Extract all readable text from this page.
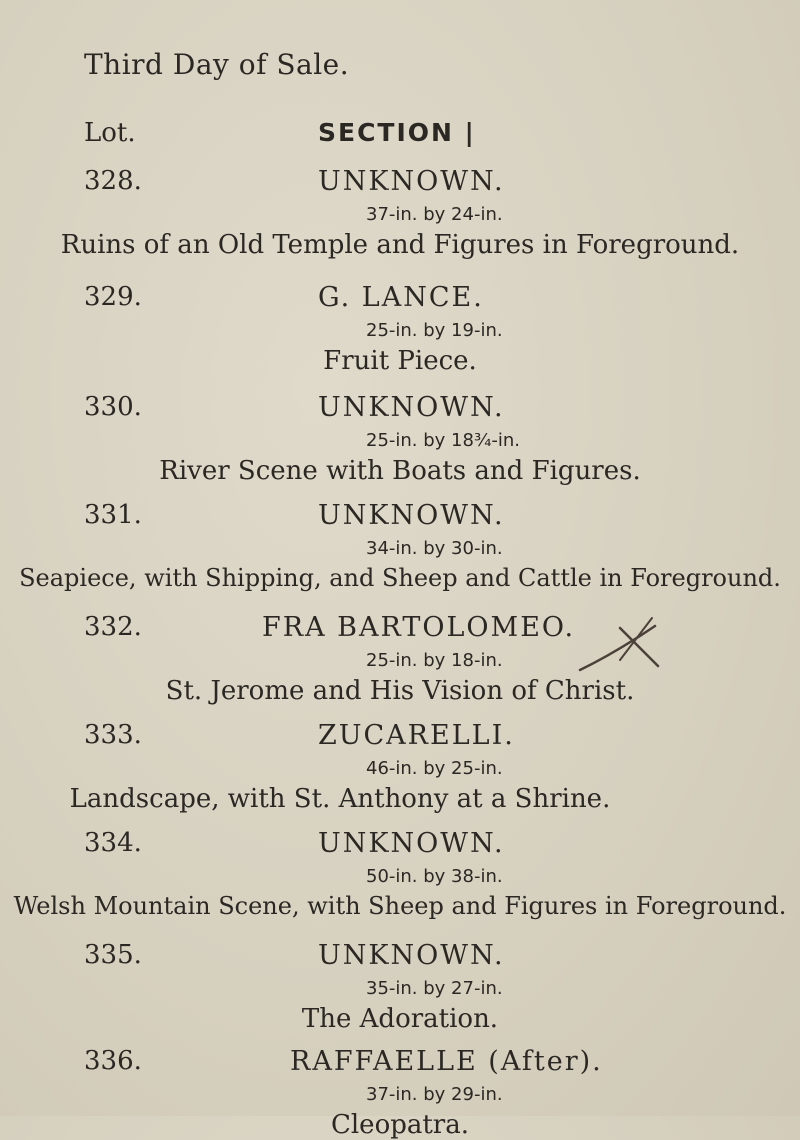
Third Day of Sale.
Lot.	SECTION |
328.	UNKNOWN.
37-in. by 24-in.
Ruins of an Old Temple and Figures in Foreground.
329.	G. LANCE.
25-in. by 19-in.
Fruit Piece.
330.	UNKNOWN.
25-in. by 18¾-in.
River Scene with Boats and Figures.
331.	UNKNOWN.
34-in. by 30-in.
Seapiece, with Shipping, and Sheep and Cattle in Foreground.
332.	FRA BARTOLOMEO.
25-in. by 18-in.
St. Jerome and His Vision of Christ.
333.	ZUCARELLI.
46-in. by 25-in.
Landscape, with St. Anthony at a Shrine.
334.	UNKNOWN.
50-in. by 38-in.
Welsh Mountain Scene, with Sheep and Figures in Foreground.
335.	UNKNOWN.
35-in. by 27-in.
The Adoration.
336.	RAFFAELLE (After).
37-in. by 29-in.
Cleopatra.
